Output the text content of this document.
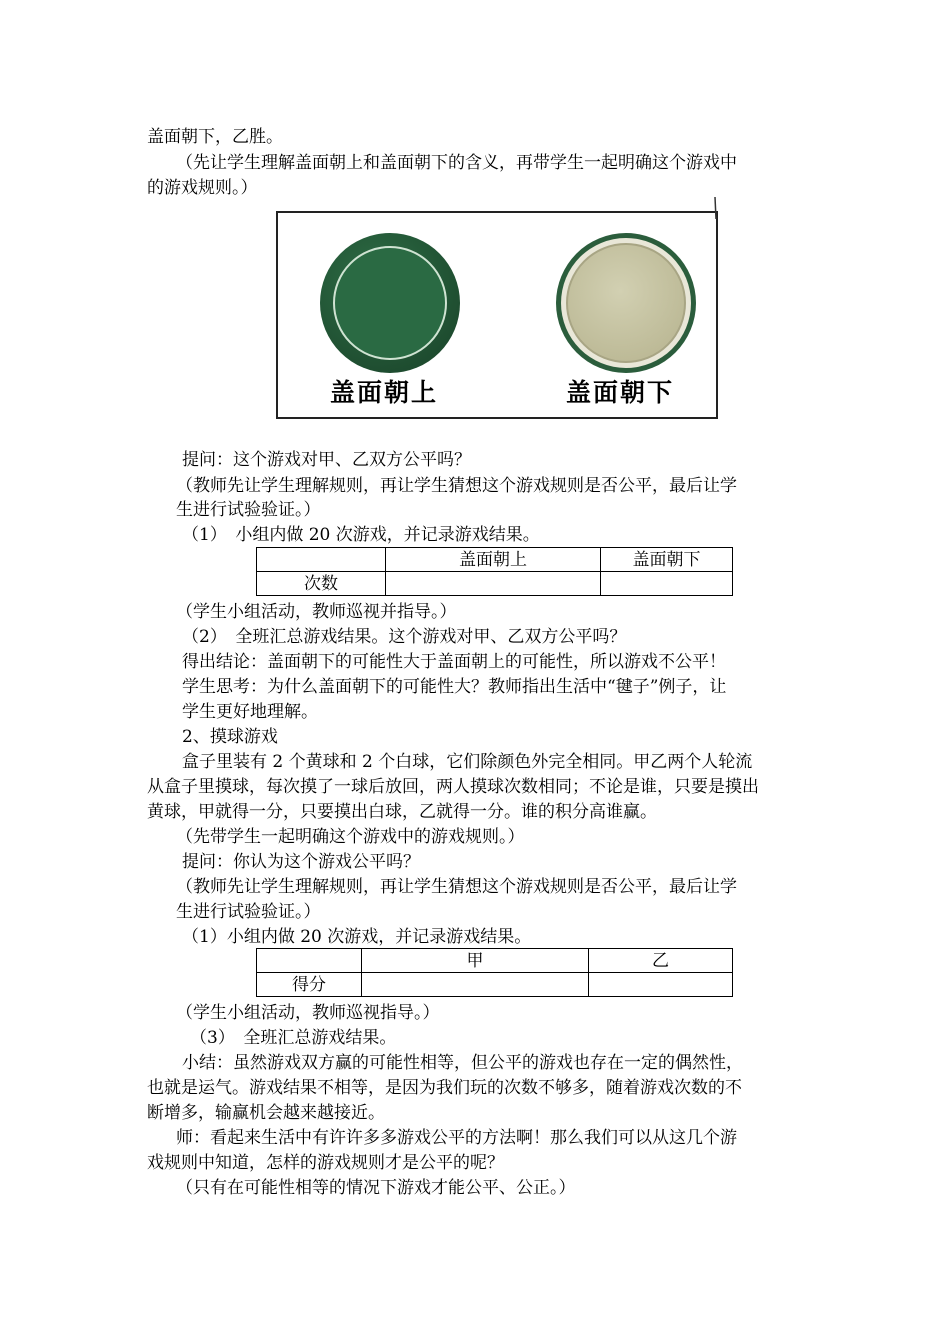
盖面朝下，乙胜。
（先让学生理解盖面朝上和盖面朝下的含义，再带学生一起明确这个游戏中
的游戏规则。）
盖面朝上	盖面朝下
提问：这个游戏对甲、乙双方公平吗？
（教师先让学生理解规则，再让学生猜想这个游戏规则是否公平，最后让学
生进行试验验证。）
（1）　小组内做 20 次游戏，并记录游戏结果。
	盖面朝上	盖面朝下
次数		
（学生小组活动，教师巡视并指导。）
（2）　全班汇总游戏结果。这个游戏对甲、乙双方公平吗？
得出结论：盖面朝下的可能性大于盖面朝上的可能性，所以游戏不公平！
学生思考：为什么盖面朝下的可能性大？教师指出生活中“毽子”例子，让
学生更好地理解。
2、摸球游戏
盒子里装有 2 个黄球和 2 个白球，它们除颜色外完全相同。甲乙两个人轮流
从盒子里摸球，每次摸了一球后放回，两人摸球次数相同；不论是谁，只要是摸出
黄球，甲就得一分，只要摸出白球，乙就得一分。谁的积分高谁赢。
（先带学生一起明确这个游戏中的游戏规则。）
提问：你认为这个游戏公平吗？
（教师先让学生理解规则，再让学生猜想这个游戏规则是否公平，最后让学
生进行试验验证。）
（1）小组内做 20 次游戏，并记录游戏结果。
	甲	乙
得分		
（学生小组活动，教师巡视指导。）
（3）　全班汇总游戏结果。
小结：虽然游戏双方赢的可能性相等，但公平的游戏也存在一定的偶然性，
也就是运气。游戏结果不相等，是因为我们玩的次数不够多，随着游戏次数的不
断增多，输赢机会越来越接近。
师：看起来生活中有许许多多游戏公平的方法啊！那么我们可以从这几个游
戏规则中知道，怎样的游戏规则才是公平的呢？
（只有在可能性相等的情况下游戏才能公平、公正。）
